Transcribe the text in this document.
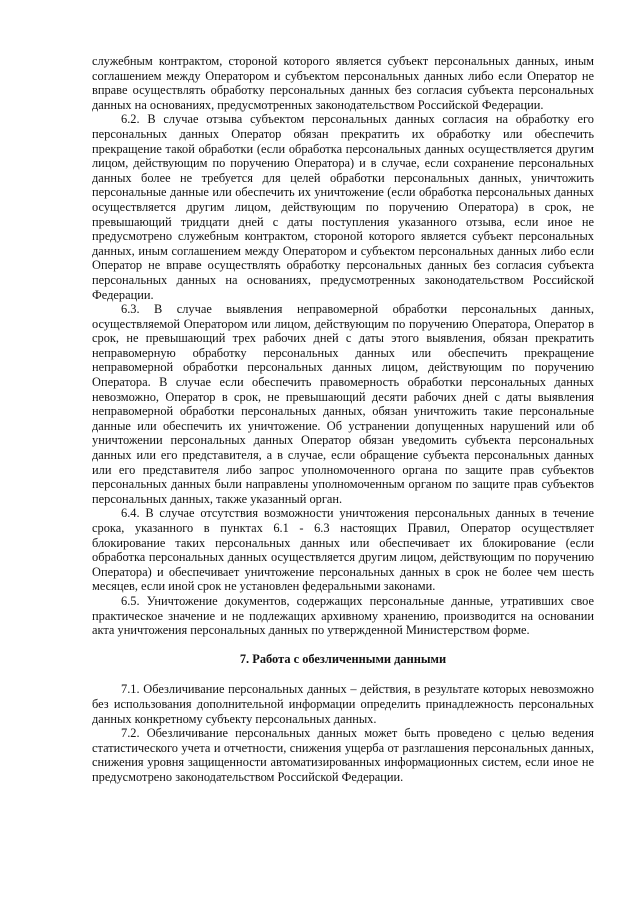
служебным контрактом, стороной которого является субъект персональных данных, иным соглашением между Оператором и субъектом персональных данных либо если Оператор не вправе осуществлять обработку персональных данных без согласия субъекта персональных данных на основаниях, предусмотренных законодательством Российской Федерации.

6.2. В случае отзыва субъектом персональных данных согласия на обработку его персональных данных Оператор обязан прекратить их обработку или обеспечить прекращение такой обработки (если обработка персональных данных осуществляется другим лицом, действующим по поручению Оператора) и в случае, если сохранение персональных данных более не требуется для целей обработки персональных данных, уничтожить персональные данные или обеспечить их уничтожение (если обработка персональных данных осуществляется другим лицом, действующим по поручению Оператора) в срок, не превышающий тридцати дней с даты поступления указанного отзыва, если иное не предусмотрено служебным контрактом, стороной которого является субъект персональных данных, иным соглашением между Оператором и субъектом персональных данных либо если Оператор не вправе осуществлять обработку персональных данных без согласия субъекта персональных данных на основаниях, предусмотренных законодательством Российской Федерации.

6.3. В случае выявления неправомерной обработки персональных данных, осуществляемой Оператором или лицом, действующим по поручению Оператора, Оператор в срок, не превышающий трех рабочих дней с даты этого выявления, обязан прекратить неправомерную обработку персональных данных или обеспечить прекращение неправомерной обработки персональных данных лицом, действующим по поручению Оператора. В случае если обеспечить правомерность обработки персональных данных невозможно, Оператор в срок, не превышающий десяти рабочих дней с даты выявления неправомерной обработки персональных данных, обязан уничтожить такие персональные данные или обеспечить их уничтожение. Об устранении допущенных нарушений или об уничтожении персональных данных Оператор обязан уведомить субъекта персональных данных или его представителя, а в случае, если обращение субъекта персональных данных или его представителя либо запрос уполномоченного органа по защите прав субъектов персональных данных были направлены уполномоченным органом по защите прав субъектов персональных данных, также указанный орган.

6.4. В случае отсутствия возможности уничтожения персональных данных в течение срока, указанного в пунктах 6.1 - 6.3 настоящих Правил, Оператор осуществляет блокирование таких персональных данных или обеспечивает их блокирование (если обработка персональных данных осуществляется другим лицом, действующим по поручению Оператора) и обеспечивает уничтожение персональных данных в срок не более чем шесть месяцев, если иной срок не установлен федеральными законами.

6.5. Уничтожение документов, содержащих персональные данные, утративших свое практическое значение и не подлежащих архивному хранению, производится на основании акта уничтожения персональных данных по утвержденной Министерством форме.

7. Работа с обезличенными данными

7.1. Обезличивание персональных данных – действия, в результате которых невозможно без использования дополнительной информации определить принадлежность персональных данных конкретному субъекту персональных данных.

7.2. Обезличивание персональных данных может быть проведено с целью ведения статистического учета и отчетности, снижения ущерба от разглашения персональных данных, снижения уровня защищенности автоматизированных информационных систем, если иное не предусмотрено законодательством Российской Федерации.
